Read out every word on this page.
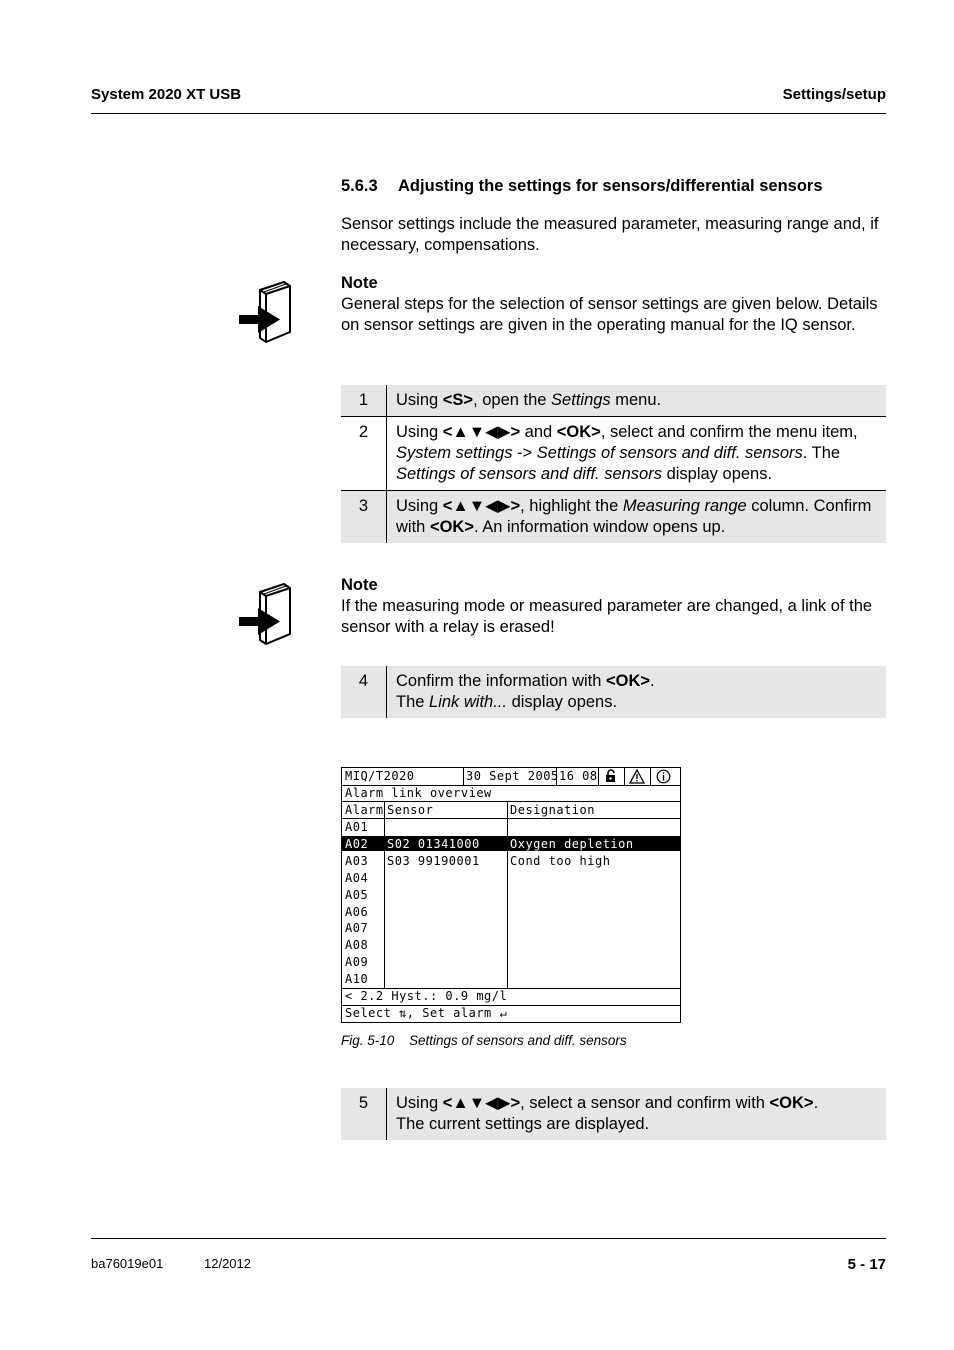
System 2020 XT USB	Settings/setup
5.6.3 Adjusting the settings for sensors/differential sensors
Sensor settings include the measured parameter, measuring range and, if necessary, compensations.
Note
General steps for the selection of sensor settings are given below. Details on sensor settings are given in the operating manual for the IQ sensor.
1	Using <S>, open the Settings menu.
2	Using <▲▼◀▶> and <OK>, select and confirm the menu item, System settings -> Settings of sensors and diff. sensors. The Settings of sensors and diff. sensors display opens.
3	Using <▲▼◀▶>, highlight the Measuring range column. Confirm with <OK>. An information window opens up.
Note
If the measuring mode or measured parameter are changed, a link of the sensor with a relay is erased!
4	Confirm the information with <OK>.
The Link with... display opens.
MIQ/T2020	30 Sept 2005 16 08
Alarm link overview
Alarm Sensor	Designation
A01
A02 S02 01341000	Oxygen depletion
A03 S03 99190001	Cond too high
A04
A05
A06
A07
A08
A09
A10
< 2.2 Hyst.: 0.9 mg/l
Select ⇅, Set alarm ↵
Fig. 5-10 Settings of sensors and diff. sensors
5	Using <▲▼◀▶>, select a sensor and confirm with <OK>.
The current settings are displayed.
ba76019e01	12/2012	5 - 17
